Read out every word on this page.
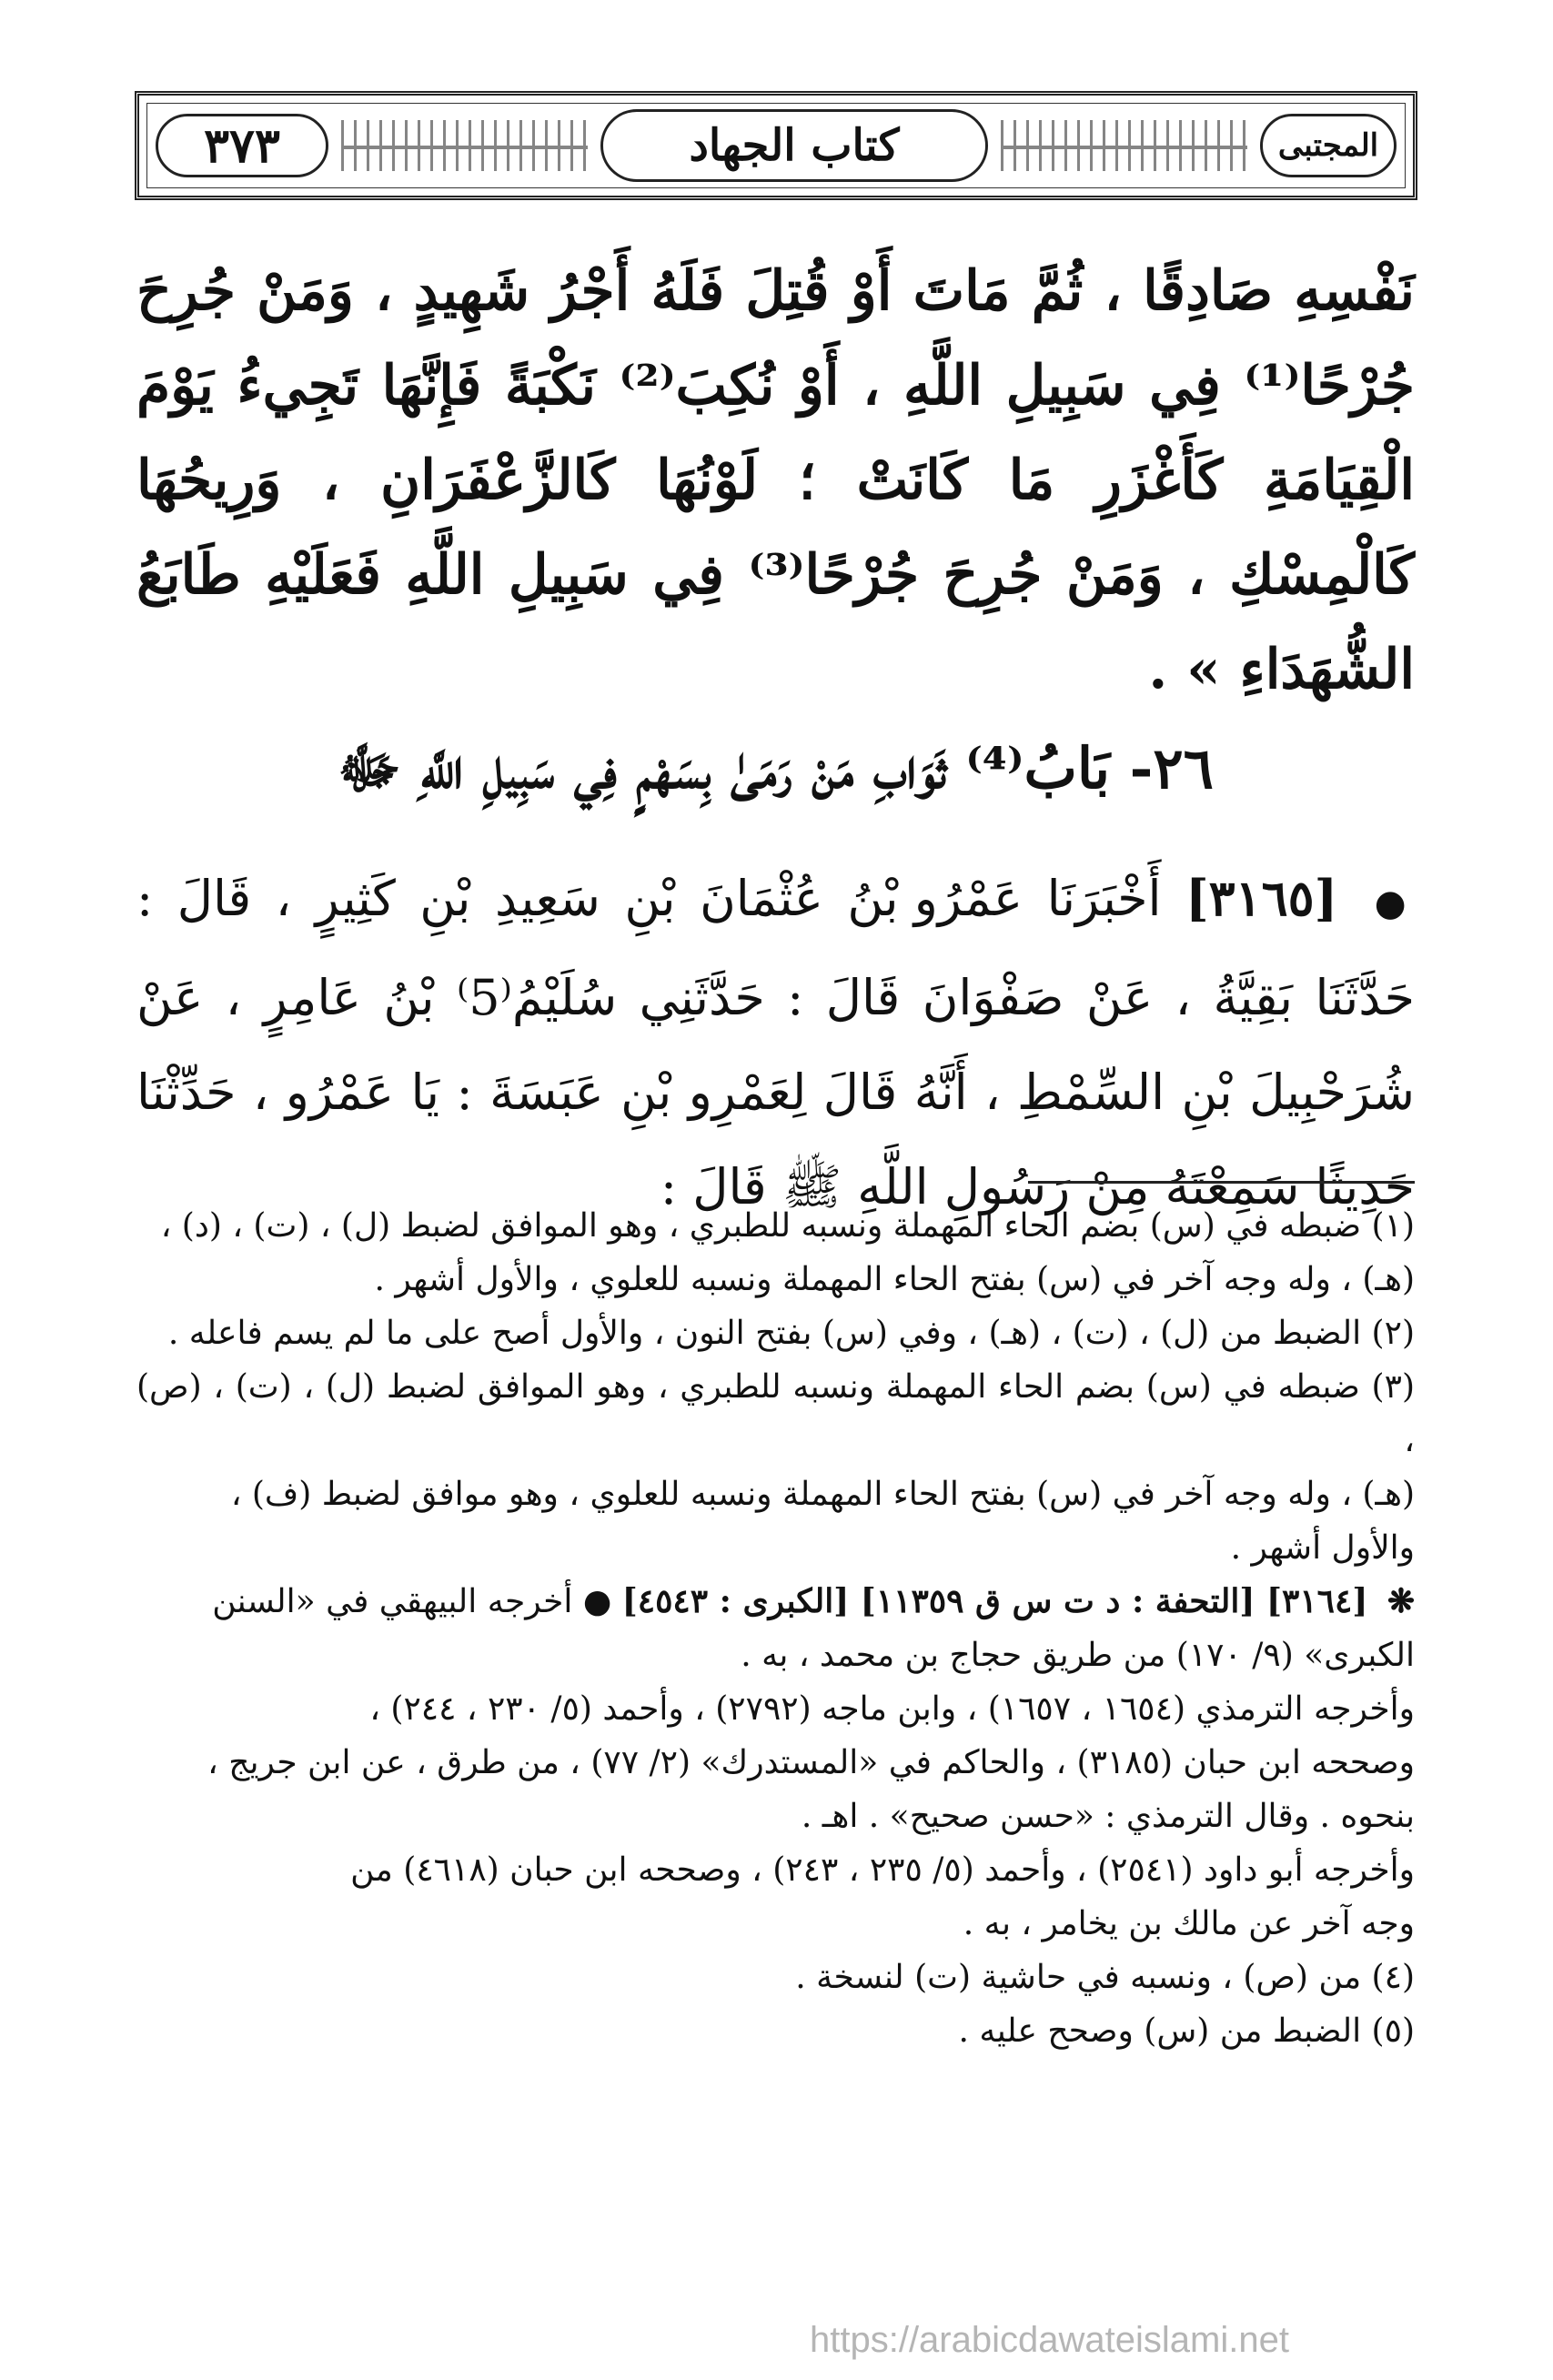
٣٧٣	كتاب الجهاد	المجتبى
نَفْسِهِ صَادِقًا ، ثُمَّ مَاتَ أَوْ قُتِلَ فَلَهُ أَجْرُ شَهِيدٍ ، وَمَنْ جُرِحَ جُرْحًا⁽¹⁾ فِي سَبِيلِ اللَّهِ ، أَوْ نُكِبَ⁽²⁾ نَكْبَةً فَإِنَّهَا تَجِيءُ يَوْمَ الْقِيَامَةِ كَأَغْزَرِ مَا كَانَتْ ؛ لَوْنُهَا كَالزَّعْفَرَانِ ، وَرِيحُهَا كَالْمِسْكِ ، وَمَنْ جُرِحَ جُرْحًا⁽³⁾ فِي سَبِيلِ اللَّهِ فَعَلَيْهِ طَابَعُ الشُّهَدَاءِ » .
٢٦- بَابُ⁽⁴⁾ ثَوَابِ مَنْ رَمَىٰ بِسَهْمٍ فِي سَبِيلِ اللَّهِ ﷻ
● [٣١٦٥] أَخْبَرَنَا عَمْرُو بْنُ عُثْمَانَ بْنِ سَعِيدِ بْنِ كَثِيرٍ ، قَالَ : حَدَّثَنَا بَقِيَّةُ ، عَنْ صَفْوَانَ قَالَ : حَدَّثَنِي سُلَيْمُ⁽5⁾ بْنُ عَامِرٍ ، عَنْ شُرَحْبِيلَ بْنِ السِّمْطِ ، أَنَّهُ قَالَ لِعَمْرِو بْنِ عَبَسَةَ : يَا عَمْرُو ، حَدِّثْنَا حَدِيثًا سَمِعْتَهُ مِنْ رَسُولِ اللَّهِ ﷺ قَالَ :
(١) ضبطه في (س) بضم الحاء المهملة ونسبه للطبري ، وهو الموافق لضبط (ل) ، (ت) ، (د) ،
(هـ) ، وله وجه آخر في (س) بفتح الحاء المهملة ونسبه للعلوي ، والأول أشهر .
(٢) الضبط من (ل) ، (ت) ، (هـ) ، وفي (س) بفتح النون ، والأول أصح على ما لم يسم فاعله .
(٣) ضبطه في (س) بضم الحاء المهملة ونسبه للطبري ، وهو الموافق لضبط (ل) ، (ت) ، (ص) ،
(هـ) ، وله وجه آخر في (س) بفتح الحاء المهملة ونسبه للعلوي ، وهو موافق لضبط (ف) ،
والأول أشهر .
❋ [٣١٦٤] [التحفة : د ت س ق ١١٣٥٩] [الكبرى : ٤٥٤٣] ● أخرجه البيهقي في «السنن
الكبرى» (٩/ ١٧٠) من طريق حجاج بن محمد ، به .
وأخرجه الترمذي (١٦٥٤ ، ١٦٥٧) ، وابن ماجه (٢٧٩٢) ، وأحمد (٥/ ٢٣٠ ، ٢٤٤) ،
وصححه ابن حبان (٣١٨٥) ، والحاكم في «المستدرك» (٢/ ٧٧) ، من طرق ، عن ابن جريج ،
بنحوه . وقال الترمذي : «حسن صحيح» . اهـ .
وأخرجه أبو داود (٢٥٤١) ، وأحمد (٥/ ٢٣٥ ، ٢٤٣) ، وصححه ابن حبان (٤٦١٨) من
وجه آخر عن مالك بن يخامر ، به .
(٤) من (ص) ، ونسبه في حاشية (ت) لنسخة .
(٥) الضبط من (س) وصحح عليه .
https://arabicdawateislami.net
